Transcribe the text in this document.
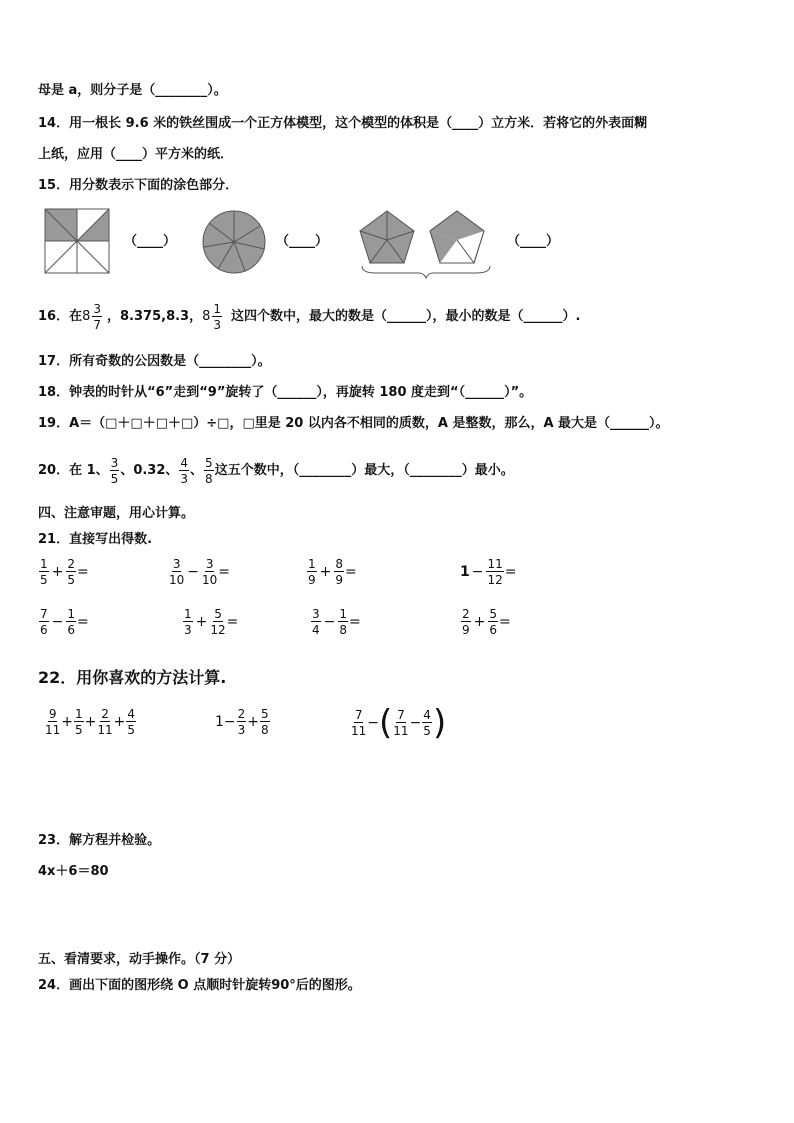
母是 a，则分子是（________）。
14．用一根长 9.6 米的铁丝围成一个正方体模型，这个模型的体积是（____）立方米．若将它的外表面糊
上纸，应用（____）平方米的纸．
15．用分数表示下面的涂色部分．
（____）	（____）	（____）
16．在 $8 \frac{3}{7}$ ，8.375,8.3， $8 \frac{1}{3}$ 这四个数中，最大的数是（______），最小的数是（______）.
17．所有奇数的公因数是（________）。
18．钟表的时针从“6”走到“9”旋转了（______），再旋转 180 度走到“（______）”。
19．A＝（□＋□＋□＋□）÷□，□里是 20 以内各不相同的质数，A 是整数，那么，A 最大是（______）。
20．在 1、 $\frac{3}{5}$ 、0.32、 $\frac{4}{3}$ 、 $\frac{5}{8}$ 这五个数中，（________）最大，（________）最小。
四、注意审题，用心计算。
21．直接写出得数.
$\frac{1}{5} + \frac{2}{5}$ =	$\frac{3}{10} - \frac{3}{10}$ =	$\frac{1}{9} + \frac{8}{9}$ =	$1 - \frac{11}{12}$ =
$\frac{7}{6} - \frac{1}{6}$ =	$\frac{1}{3} + \frac{5}{12}$ =	$\frac{3}{4} - \frac{1}{8}$ =	$\frac{2}{9} + \frac{5}{6}$ =
22．用你喜欢的方法计算.
$\frac{9}{11} + \frac{1}{5} + \frac{2}{11} + \frac{4}{5}$	$1 - \frac{2}{3} + \frac{5}{8}$	$\frac{7}{11}$ − ( $\frac{7}{11} - \frac{4}{5}$ )
23．解方程并检验。
4x＋6＝80
五、看清要求，动手操作。（7 分）
24．画出下面的图形绕 O 点顺时针旋转90°后的图形。
